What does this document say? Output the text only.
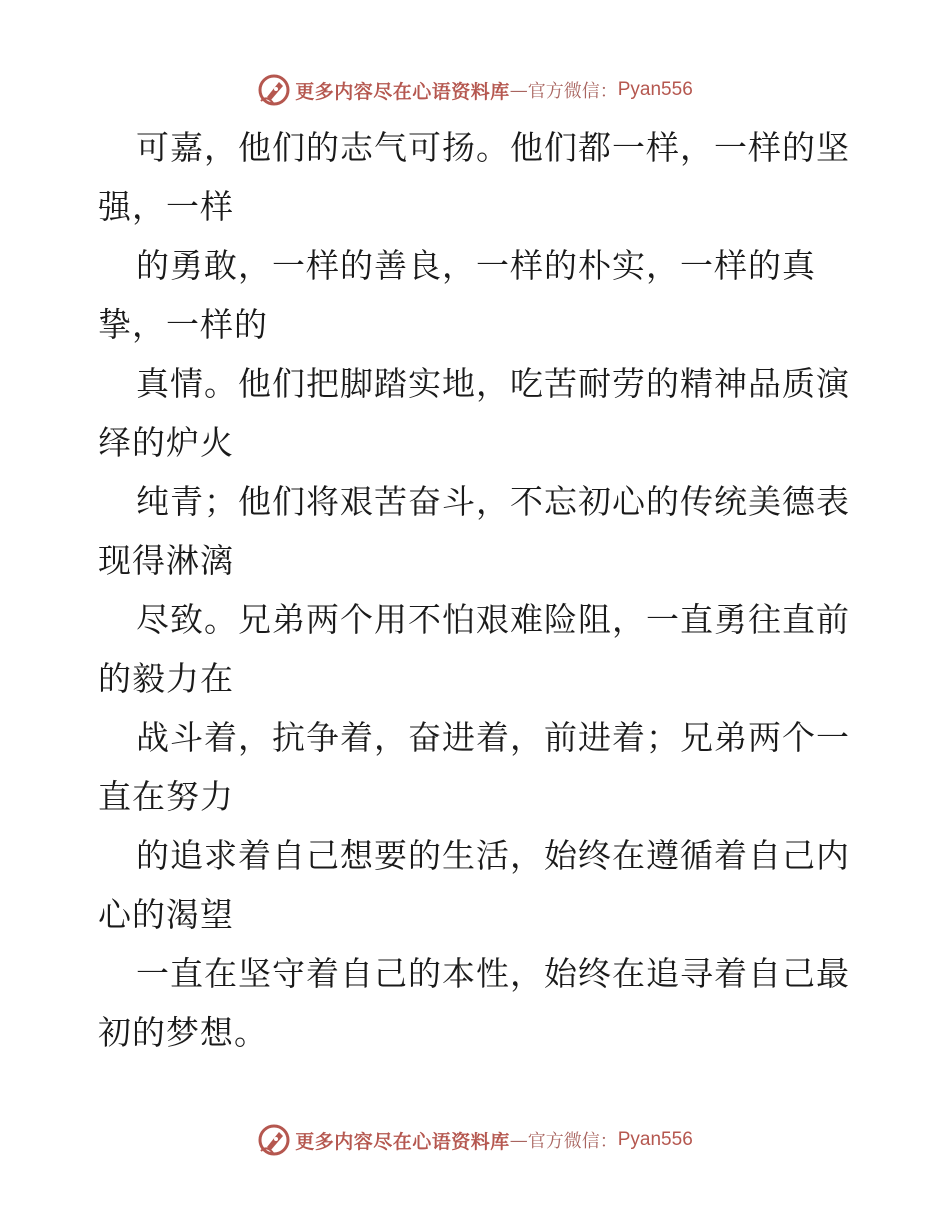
更多内容尽在心语资料库 — 官方微信： Pyan556
可嘉，他们的志气可扬。他们都一样，一样的坚
强，一样
的勇敢，一样的善良，一样的朴实，一样的真
挚，一样的
真情。他们把脚踏实地，吃苦耐劳的精神品质演
绎的炉火
纯青；他们将艰苦奋斗，不忘初心的传统美德表
现得淋漓
尽致。兄弟两个用不怕艰难险阻，一直勇往直前
的毅力在
战斗着，抗争着，奋进着，前进着；兄弟两个一
直在努力
的追求着自己想要的生活，始终在遵循着自己内
心的渴望
一直在坚守着自己的本性，始终在追寻着自己最
初的梦想。
更多内容尽在心语资料库 — 官方微信： Pyan556
